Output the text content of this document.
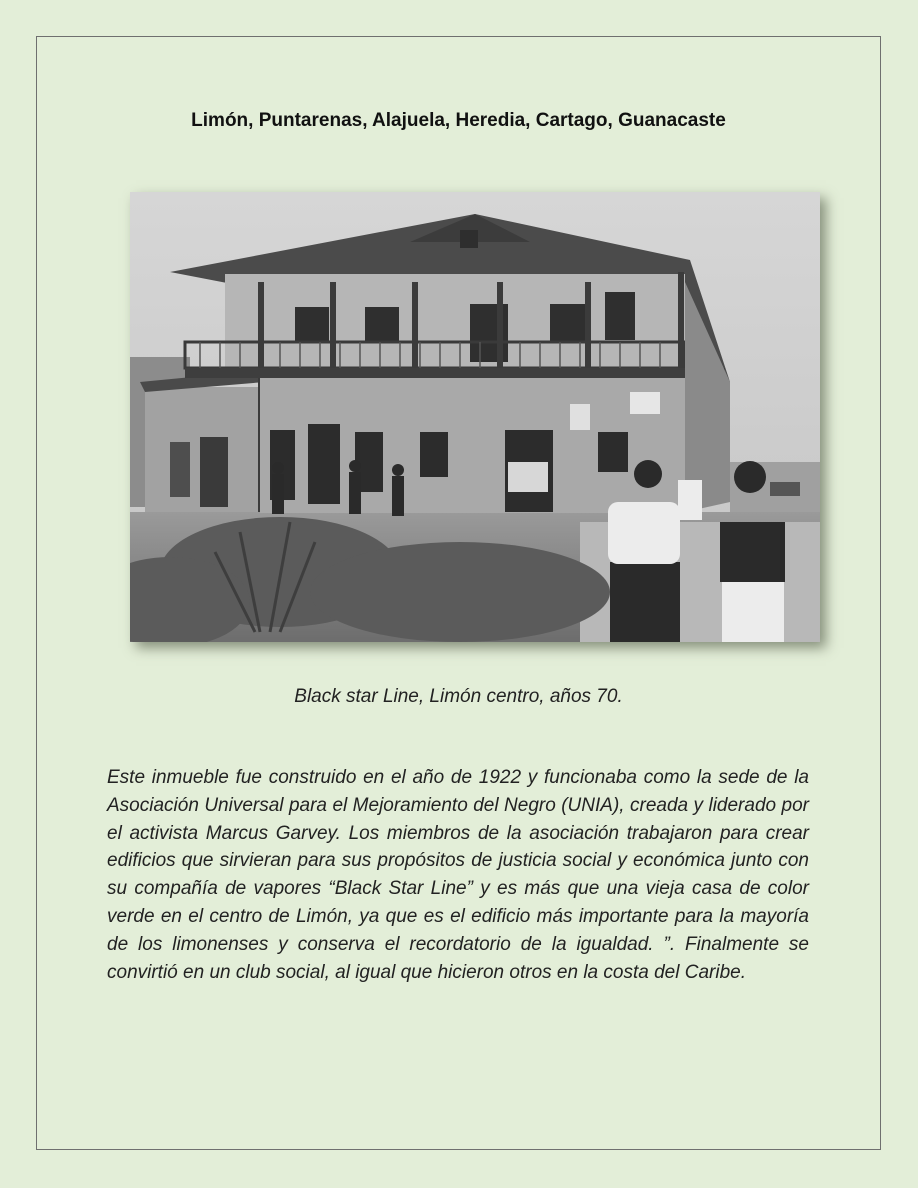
Limón, Puntarenas, Alajuela, Heredia, Cartago, Guanacaste

Black star Line, Limón centro, años 70.

Este inmueble fue construido en el año de 1922 y funcionaba como la sede de la Asociación Universal para el Mejoramiento del Negro (UNIA), creada y liderado por el activista Marcus Garvey. Los miembros de la asociación trabajaron para crear edificios que sirvieran para sus propósitos de justicia social y económica junto con su compañía de vapores “Black Star Line” y es más que una vieja casa de color verde en el centro de Limón, ya que es el edificio más importante para la mayoría de los limonenses y conserva el recordatorio de la igualdad. ”. Finalmente se convirtió en un club social, al igual que hicieron otros en la costa del Caribe.
